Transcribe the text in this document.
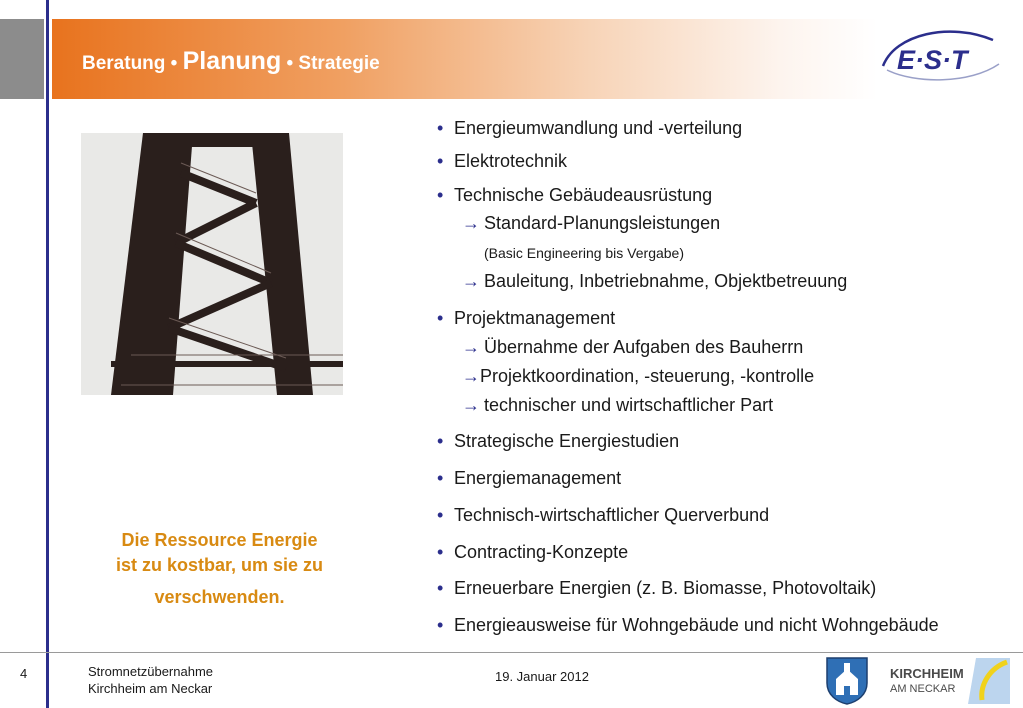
Beratung • Planung • Strategie	E·S·T
Die Ressource Energie
ist zu kostbar, um sie zu
verschwenden.
• Energieumwandlung und -verteilung
• Elektrotechnik
• Technische Gebäudeausrüstung
→ Standard-Planungsleistungen
(Basic Engineering bis Vergabe)
→ Bauleitung, Inbetriebnahme, Objektbetreuung
• Projektmanagement
→ Übernahme der Aufgaben des Bauherrn
→Projektkoordination, -steuerung, -kontrolle
→ technischer und wirtschaftlicher Part
• Strategische Energiestudien
• Energiemanagement
• Technisch-wirtschaftlicher Querverbund
• Contracting-Konzepte
• Erneuerbare Energien (z. B. Biomasse, Photovoltaik)
• Energieausweise für Wohngebäude und nicht Wohngebäude
4	Stromnetzübernahme
Kirchheim am Neckar
19. Januar 2012	KIRCHHEIM
AM NECKAR
